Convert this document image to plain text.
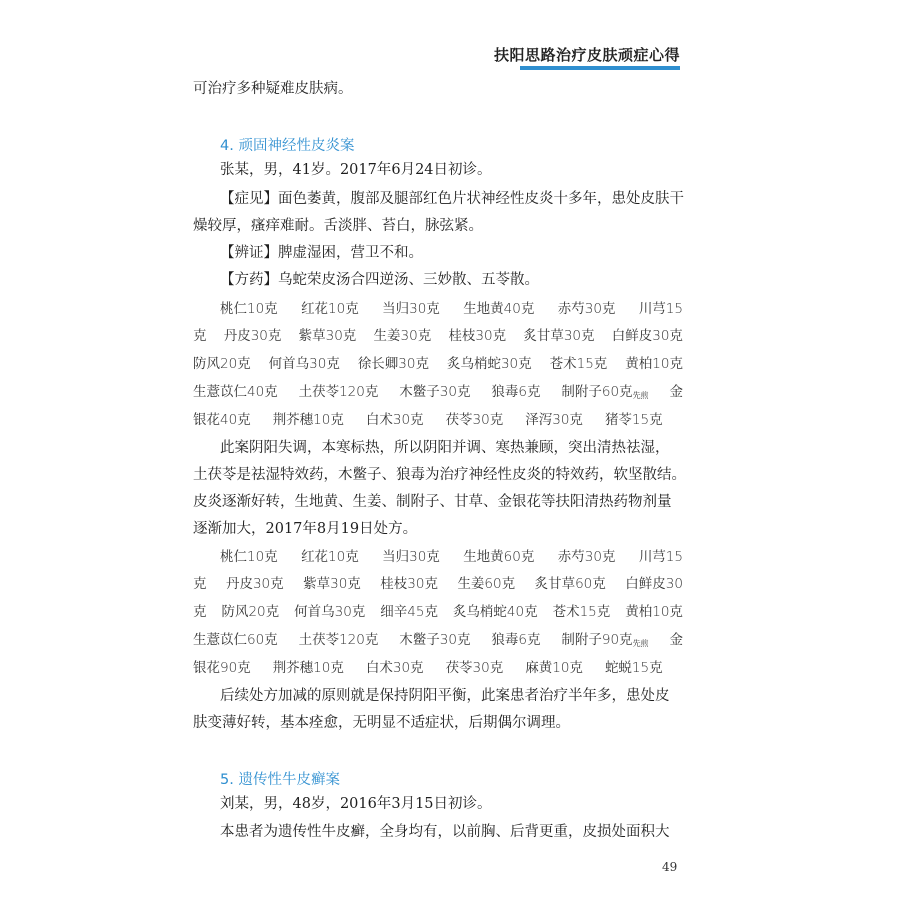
扶阳思路治疗皮肤顽症心得
可治疗多种疑难皮肤病。
4. 顽固神经性皮炎案
张某，男，41岁。2017年6月24日初诊。
【症见】面色萎黄，腹部及腿部红色片状神经性皮炎十多年，患处皮肤干
燥较厚，瘙痒难耐。舌淡胖、苔白，脉弦紧。
【辨证】脾虚湿困，营卫不和。
【方药】乌蛇荣皮汤合四逆汤、三妙散、五苓散。
桃仁10克 红花10克 当归30克 生地黄40克 赤芍30克 川芎15
克 丹皮30克 紫草30克 生姜30克 桂枝30克 炙甘草30克 白鲜皮30克
防风20克 何首乌30克 徐长卿30克 炙乌梢蛇30克 苍术15克 黄柏10克
生薏苡仁40克 土茯苓120克 木鳖子30克 狼毒6克 制附子60克先煎 金
银花40克 荆芥穗10克 白术30克 茯苓30克 泽泻30克 猪苓15克
此案阴阳失调，本寒标热，所以阴阳并调、寒热兼顾，突出清热祛湿，
土茯苓是祛湿特效药，木鳖子、狼毒为治疗神经性皮炎的特效药，软坚散结。
皮炎逐渐好转，生地黄、生姜、制附子、甘草、金银花等扶阳清热药物剂量
逐渐加大，2017年8月19日处方。
桃仁10克 红花10克 当归30克 生地黄60克 赤芍30克 川芎15
克 丹皮30克 紫草30克 桂枝30克 生姜60克 炙甘草60克 白鲜皮30
克 防风20克 何首乌30克 细辛45克 炙乌梢蛇40克 苍术15克 黄柏10克
生薏苡仁60克 土茯苓120克 木鳖子30克 狼毒6克 制附子90克先煎 金
银花90克 荆芥穗10克 白术30克 茯苓30克 麻黄10克 蛇蜕15克
后续处方加减的原则就是保持阴阳平衡，此案患者治疗半年多，患处皮
肤变薄好转，基本痊愈，无明显不适症状，后期偶尔调理。
5. 遗传性牛皮癣案
刘某，男，48岁，2016年3月15日初诊。
本患者为遗传性牛皮癣，全身均有，以前胸、后背更重，皮损处面积大
49
